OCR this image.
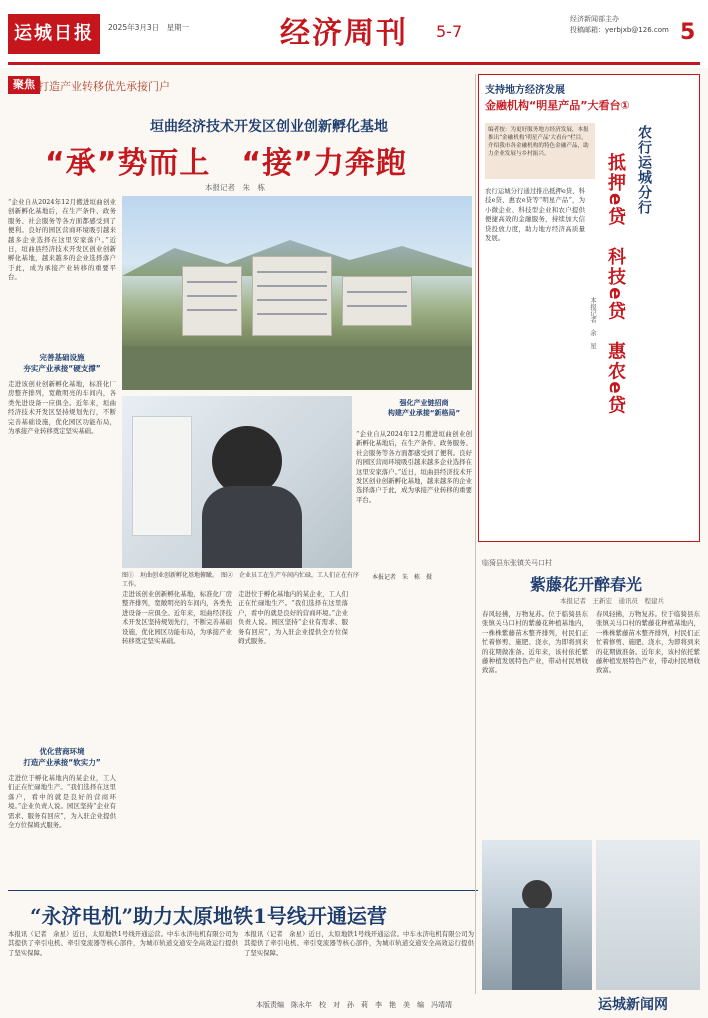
运城日报	2025年3月3日　星期一	经济周刊 5-7
经济新闻部主办
投稿邮箱：yerbjxb@126.com 5
聚焦 打造产业转移优先承接门户
垣曲经济技术开发区创业创新孵化基地
“承”势而上　“接”力奔跑
本报记者　朱　栋
“企业自从2024年12月搬进垣曲创业创新孵化基地后，在生产条件、政务服务、社会服务等各方面都感受到了便利。良好的园区营商环境吸引越来越多企业选择在这里安家落户。”近日，垣曲县经济技术开发区创业创新孵化基地，越来越多的企业选择落户于此，成为承接产业转移的重要平台。
完善基础设施
夯实产业承接“硬支撑”
走进该创业创新孵化基地，标准化厂房整齐排列，宽敞明亮的车间内，各类先进设备一应俱全。近年来，垣曲经济技术开发区坚持规划先行，不断完善基础设施，优化园区功能布局，为承接产业转移奠定坚实基础。
优化营商环境
打造产业承接“软实力”
走进位于孵化基地内的某企业，工人们正在忙碌地生产。“我们选择在这里落户，看中的就是良好的营商环境。”企业负责人说。园区坚持“企业有需求、服务有回应”，为入驻企业提供全方位保姆式服务。
图①　垣曲创业创新孵化基地俯瞰。　图②　企业员工在生产车间内忙碌，工人们正在有序工作。
本报记者　朱　栋　摄
强化产业链招商
构建产业承接“新格局”
走进该创业创新孵化基地，标准化厂房整齐排列，宽敞明亮的车间内，各类先进设备一应俱全。近年来，垣曲经济技术开发区坚持规划先行，不断完善基础设施，优化园区功能布局，为承接产业转移奠定坚实基础。
走进位于孵化基地内的某企业，工人们正在忙碌地生产。“我们选择在这里落户，看中的就是良好的营商环境。”企业负责人说。园区坚持“企业有需求、服务有回应”，为入驻企业提供全方位保姆式服务。
“企业自从2024年12月搬进垣曲创业创新孵化基地后，在生产条件、政务服务、社会服务等各方面都感受到了便利。良好的园区营商环境吸引越来越多企业选择在这里安家落户。”近日，垣曲县经济技术开发区创业创新孵化基地，越来越多的企业选择落户于此，成为承接产业转移的重要平台。
支持地方经济发展
金融机构“明星产品”大看台①
编者按：为更好服务地方经济发展，本报推出“金融机构‘明星产品’大看台”栏目，介绍我市各金融机构的特色金融产品，助力企业发展与乡村振兴。	农行运城分行
抵押e贷　科技e贷　惠农e贷
本报记者　余　星
农行运城分行通过推出抵押e贷、科技e贷、惠农e贷等“明星产品”，为小微企业、科技型企业和农户提供便捷高效的金融服务，持续加大信贷投放力度，助力地方经济高质量发展。
临猗县东张镇关马口村
紫藤花开醉春光
本报记者　王新宏　通讯员　程建兵
春风轻拂，万物复苏。位于临猗县东张镇关马口村的紫藤花种植基地内，一株株紫藤苗木整齐排列，村民们正忙着修剪、施肥、浇水，为即将到来的花期做准备。近年来，该村依托紫藤种植发展特色产业，带动村民增收致富。
春风轻拂，万物复苏。位于临猗县东张镇关马口村的紫藤花种植基地内，一株株紫藤苗木整齐排列，村民们正忙着修剪、施肥、浇水，为即将到来的花期做准备。近年来，该村依托紫藤种植发展特色产业，带动村民增收致富。
运城新闻网
“永济电机”助力太原地铁1号线开通运营
本报讯（记者　余星）近日，太原地铁1号线开通运营。中车永济电机有限公司为其提供了牵引电机、牵引变流器等核心部件，为城市轨道交通安全高效运行提供了坚实保障。
本报讯（记者　余星）近日，太原地铁1号线开通运营。中车永济电机有限公司为其提供了牵引电机、牵引变流器等核心部件，为城市轨道交通安全高效运行提供了坚实保障。
本版责编　陈永年　校　对　孙　莉　李　艳　美　编　冯靖靖
